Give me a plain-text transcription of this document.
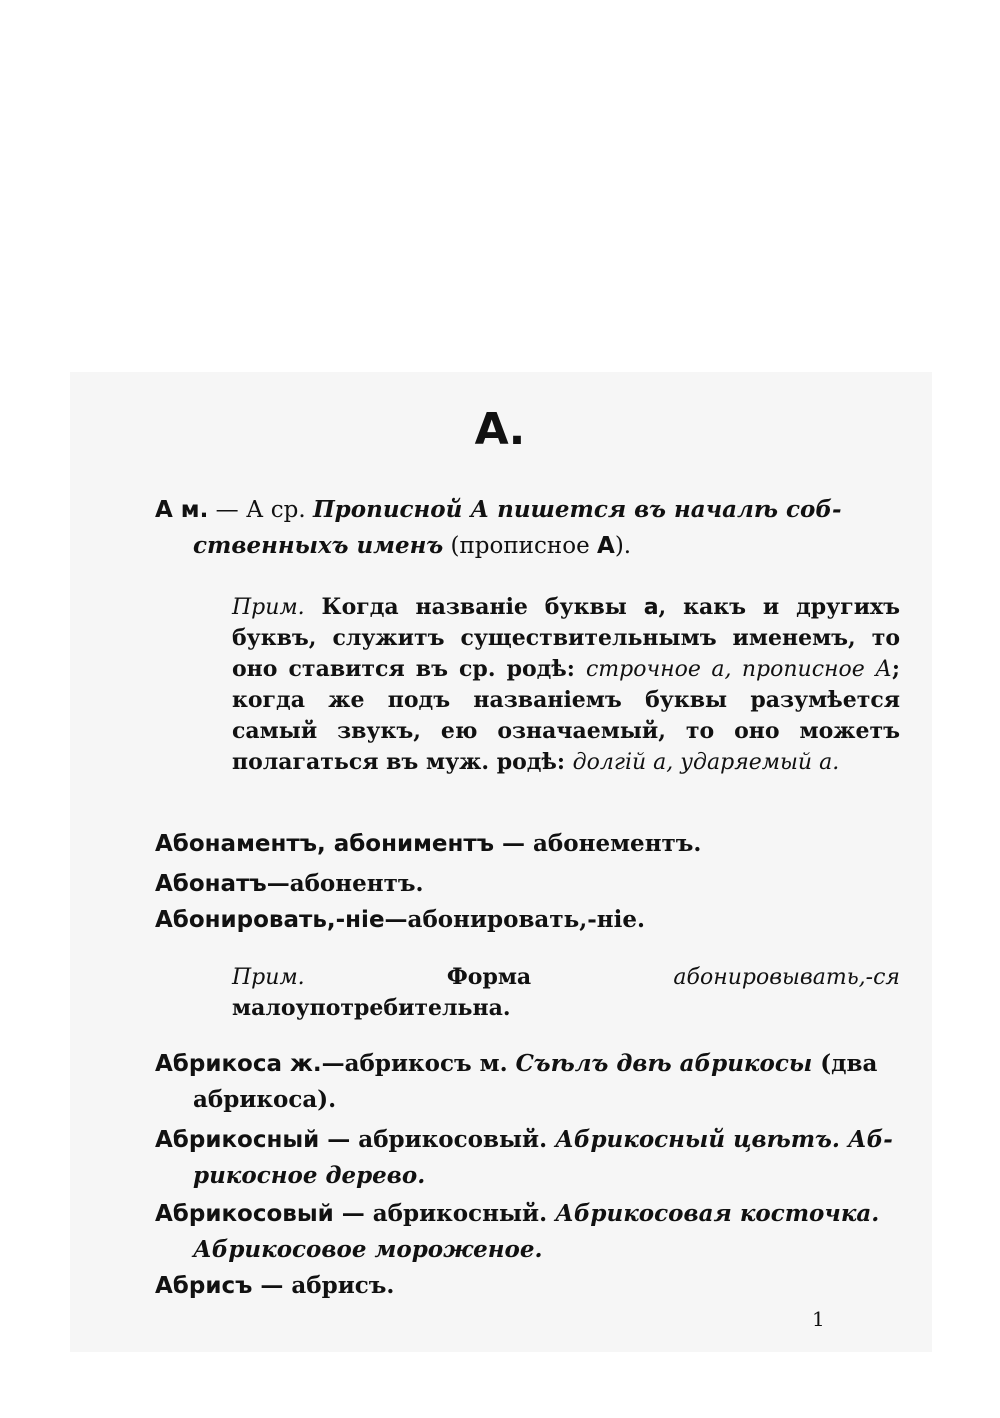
А.

А м. — А ср. Прописной А пишется въ началѣ соб-
ственныхъ именъ (прописное А).

Прим. Когда названіе буквы а, какъ и другихъ буквъ, служитъ существительнымъ именемъ, то оно ставится въ ср. родѣ: строчное а, прописное А; когда же подъ названіемъ буквы разумѣется самый звукъ, ею означаемый, то оно можетъ полагаться въ муж. родѣ: долгій а, ударяемый а.

Абонаментъ, абониментъ — абонементъ.

Абонатъ—абонентъ.

Абонировать,-ніе—абонировать,-ніе.

Прим. Форма абонировывать,-ся малоупотребительна.

Абрикоса ж.—абрикосъ м. Съѣлъ двѣ абрикосы (два
абрикоса).

Абрикосный — абрикосовый. Абрикосный цвѣтъ. Аб-
рикосное дерево.

Абрикосовый — абрикосный. Абрикосовая косточка.
Абрикосовое мороженое.

Абрисъ — абрисъ.

1
